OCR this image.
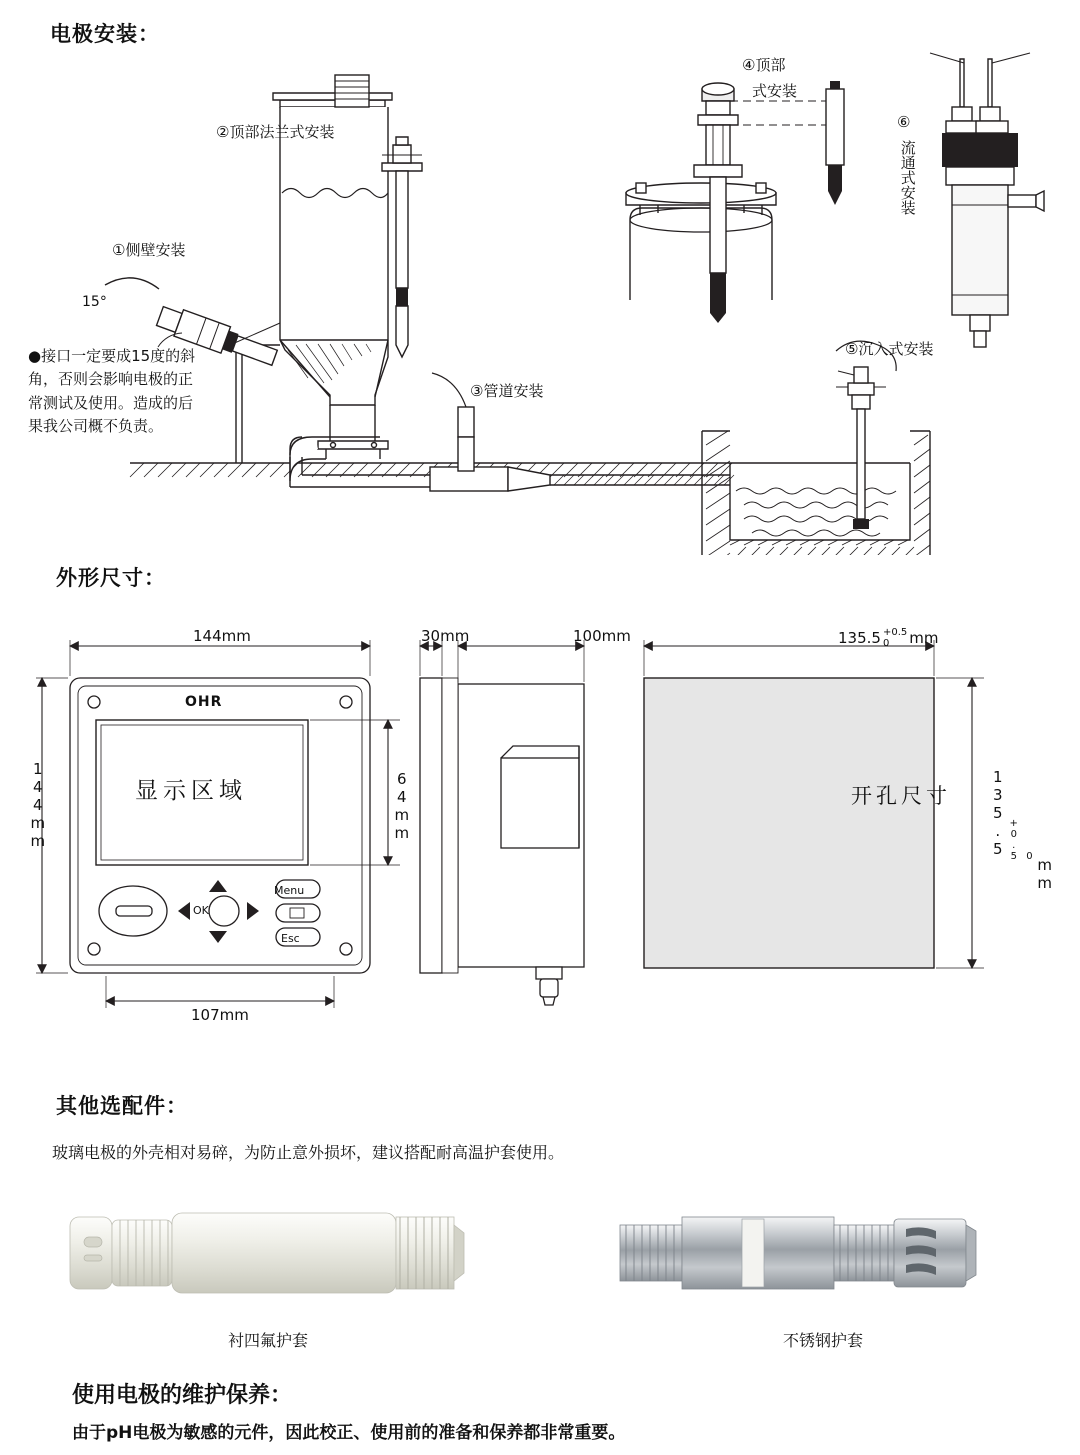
电极安装：
②顶部法兰式安装
①侧壁安装
15°
③管道安装
④顶部
式安装
⑤沉入式安装
⑥
流通式安装
●接口一定要成15度的斜角，否则会影响电极的正常测试及使用。造成的后果我公司概不负责。
外形尺寸：
144mm
144mm	显示区域	64mm
107mm
OHR
OK
Menu
Esc
30mm	100mm	135.5 +0.5
0	mm
开孔尺寸	135.5 +0.5 0mm
其他选配件：
玻璃电极的外壳相对易碎，为防止意外损坏，建议搭配耐高温护套使用。
衬四氟护套	不锈钢护套
使用电极的维护保养：
由于pH电极为敏感的元件，因此校正、使用前的准备和保养都非常重要。
